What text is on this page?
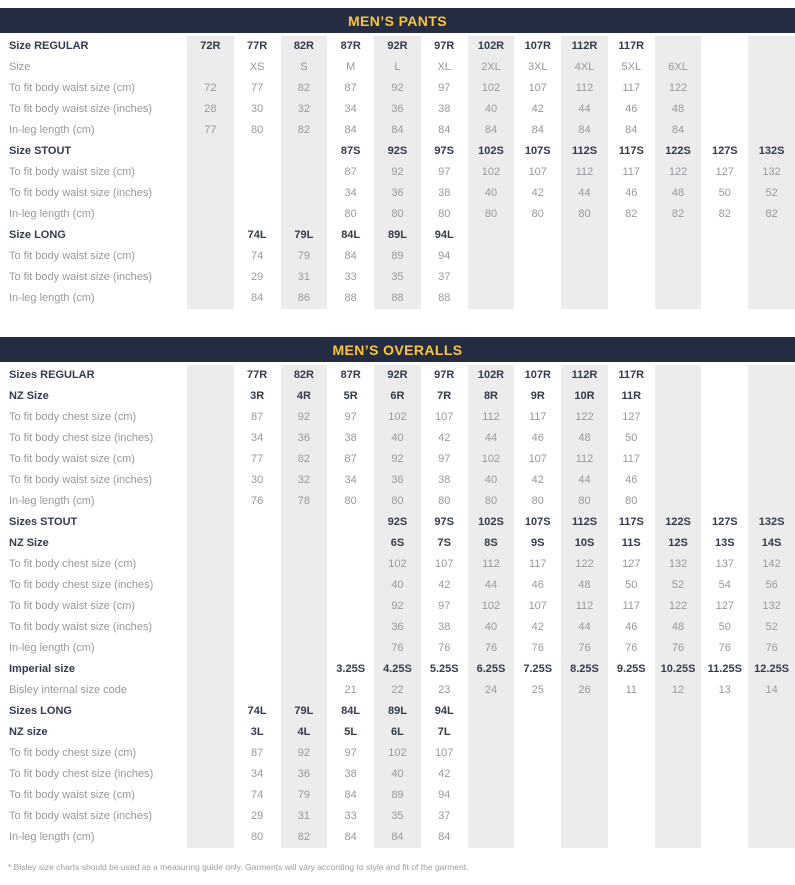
MEN’S PANTS
Size REGULAR	72R	77R	82R	87R	92R	97R	102R	107R	112R	117R			
Size		XS	S	M	L	XL	2XL	3XL	4XL	5XL	6XL		
To fit body waist size (cm)	72	77	82	87	92	97	102	107	112	117	122		
To fit body waist size (inches)	28	30	32	34	36	38	40	42	44	46	48		
In-leg length (cm)	77	80	82	84	84	84	84	84	84	84	84		
Size STOUT				87S	92S	97S	102S	107S	112S	117S	122S	127S	132S
To fit body waist size (cm)				87	92	97	102	107	112	117	122	127	132
To fit body waist size (inches)				34	36	38	40	42	44	46	48	50	52
In-leg length (cm)				80	80	80	80	80	80	82	82	82	82
Size LONG		74L	79L	84L	89L	94L							
To fit body waist size (cm)		74	79	84	89	94							
To fit body waist size (inches)		29	31	33	35	37							
In-leg length (cm)		84	86	88	88	88							
MEN’S OVERALLS
Sizes REGULAR		77R	82R	87R	92R	97R	102R	107R	112R	117R			
NZ Size		3R	4R	5R	6R	7R	8R	9R	10R	11R			
To fit body chest size (cm)		87	92	97	102	107	112	117	122	127			
To fit body chest size (inches)		34	36	38	40	42	44	46	48	50			
To fit body waist size (cm)		77	82	87	92	97	102	107	112	117			
To fit body waist size (inches)		30	32	34	36	38	40	42	44	46			
In-leg length (cm)		76	78	80	80	80	80	80	80	80			
Sizes STOUT					92S	97S	102S	107S	112S	117S	122S	127S	132S
NZ Size					6S	7S	8S	9S	10S	11S	12S	13S	14S
To fit body chest size (cm)					102	107	112	117	122	127	132	137	142
To fit body chest size (inches)					40	42	44	46	48	50	52	54	56
To fit body waist size (cm)					92	97	102	107	112	117	122	127	132
To fit body waist size (inches)					36	38	40	42	44	46	48	50	52
In-leg length (cm)					76	76	76	76	76	76	76	76	76
Imperial size				3.25S	4.25S	5.25S	6.25S	7.25S	8.25S	9.25S	10.25S	11.25S	12.25S
Bisley internal size code				21	22	23	24	25	26	11	12	13	14
Sizes LONG		74L	79L	84L	89L	94L							
NZ size		3L	4L	5L	6L	7L							
To fit body chest size (cm)		87	92	97	102	107							
To fit body chest size (inches)		34	36	38	40	42							
To fit body waist size (cm)		74	79	84	89	94							
To fit body waist size (inches)		29	31	33	35	37							
In-leg length (cm)		80	82	84	84	84							

* Bisley size charts should be used as a measuring guide only. Garments will vary according to style and fit of the garment.
